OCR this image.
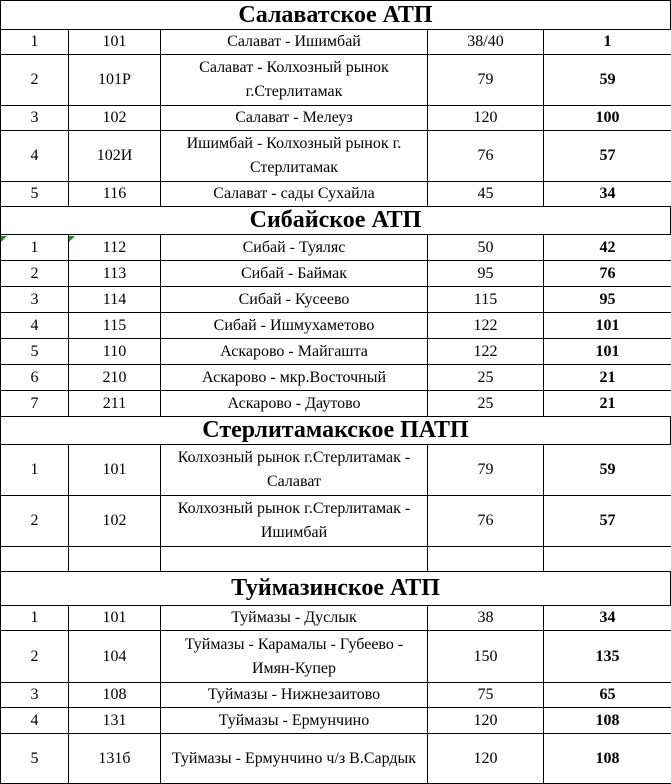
Салаватское АТП
1	101	Салават - Ишимбай	38/40	1
2	101Р	Салават - Колхозный рынок г.Стерлитамак	79	59
3	102	Салават - Мелеуз	120	100
4	102И	Ишимбай - Колхозный рынок г. Стерлитамак	76	57
5	116	Салават - сады Сухайла	45	34
Сибайское АТП
1	112	Сибай - Туяляс	50	42
2	113	Сибай - Баймак	95	76
3	114	Сибай - Кусеево	115	95
4	115	Сибай - Ишмухаметово	122	101
5	110	Аскарово - Майгашта	122	101
6	210	Аскарово - мкр.Восточный	25	21
7	211	Аскарово - Даутово	25	21
Стерлитамакское ПАТП
1	101	Колхозный рынок г.Стерлитамак - Салават	79	59
2	102	Колхозный рынок г.Стерлитамак - Ишимбай	76	57

Туймазинское АТП
1	101	Туймазы - Дуслык	38	34
2	104	Туймазы - Карамалы - Губеево - Имян-Купер	150	135
3	108	Туймазы - Нижнезаитово	75	65
4	131	Туймазы - Ермунчино	120	108
5	131б	Туймазы - Ермунчино ч/з В.Сардык	120	108
